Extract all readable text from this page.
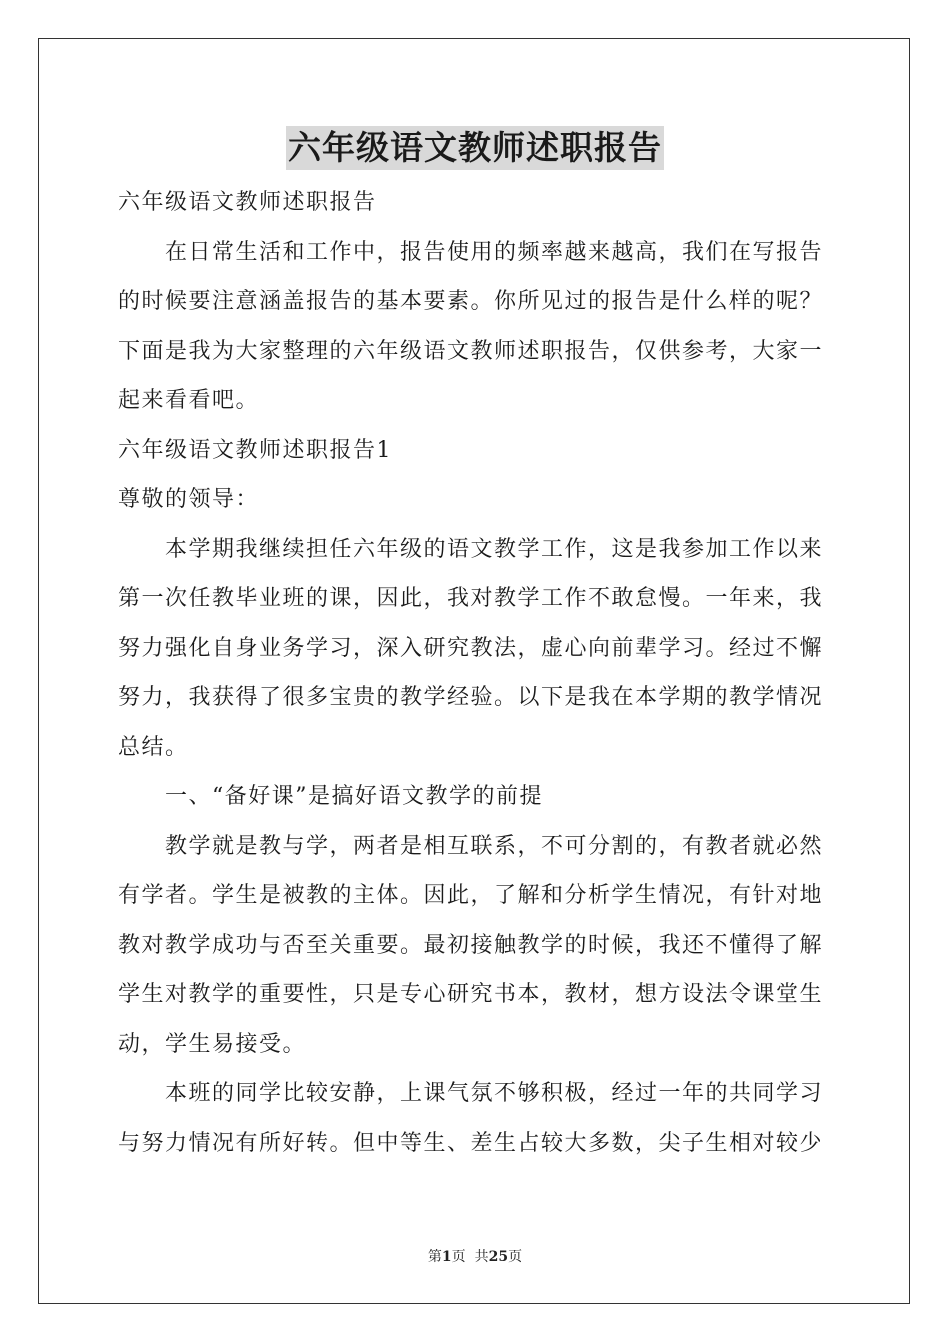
六年级语文教师述职报告
六年级语文教师述职报告
在日常生活和工作中，报告使用的频率越来越高，我们在写报告
的时候要注意涵盖报告的基本要素。你所见过的报告是什么样的呢？
下面是我为大家整理的六年级语文教师述职报告，仅供参考，大家一
起来看看吧。
六年级语文教师述职报告1
尊敬的领导：
本学期我继续担任六年级的语文教学工作，这是我参加工作以来
第一次任教毕业班的课，因此，我对教学工作不敢怠慢。一年来，我
努力强化自身业务学习，深入研究教法，虚心向前辈学习。经过不懈
努力，我获得了很多宝贵的教学经验。以下是我在本学期的教学情况
总结。
一、“备好课”是搞好语文教学的前提
教学就是教与学，两者是相互联系，不可分割的，有教者就必然
有学者。学生是被教的主体。因此，了解和分析学生情况，有针对地
教对教学成功与否至关重要。最初接触教学的时候，我还不懂得了解
学生对教学的重要性，只是专心研究书本，教材，想方设法令课堂生
动，学生易接受。
本班的同学比较安静，上课气氛不够积极，经过一年的共同学习
与努力情况有所好转。但中等生、差生占较大多数，尖子生相对较少
第1页  共25页
